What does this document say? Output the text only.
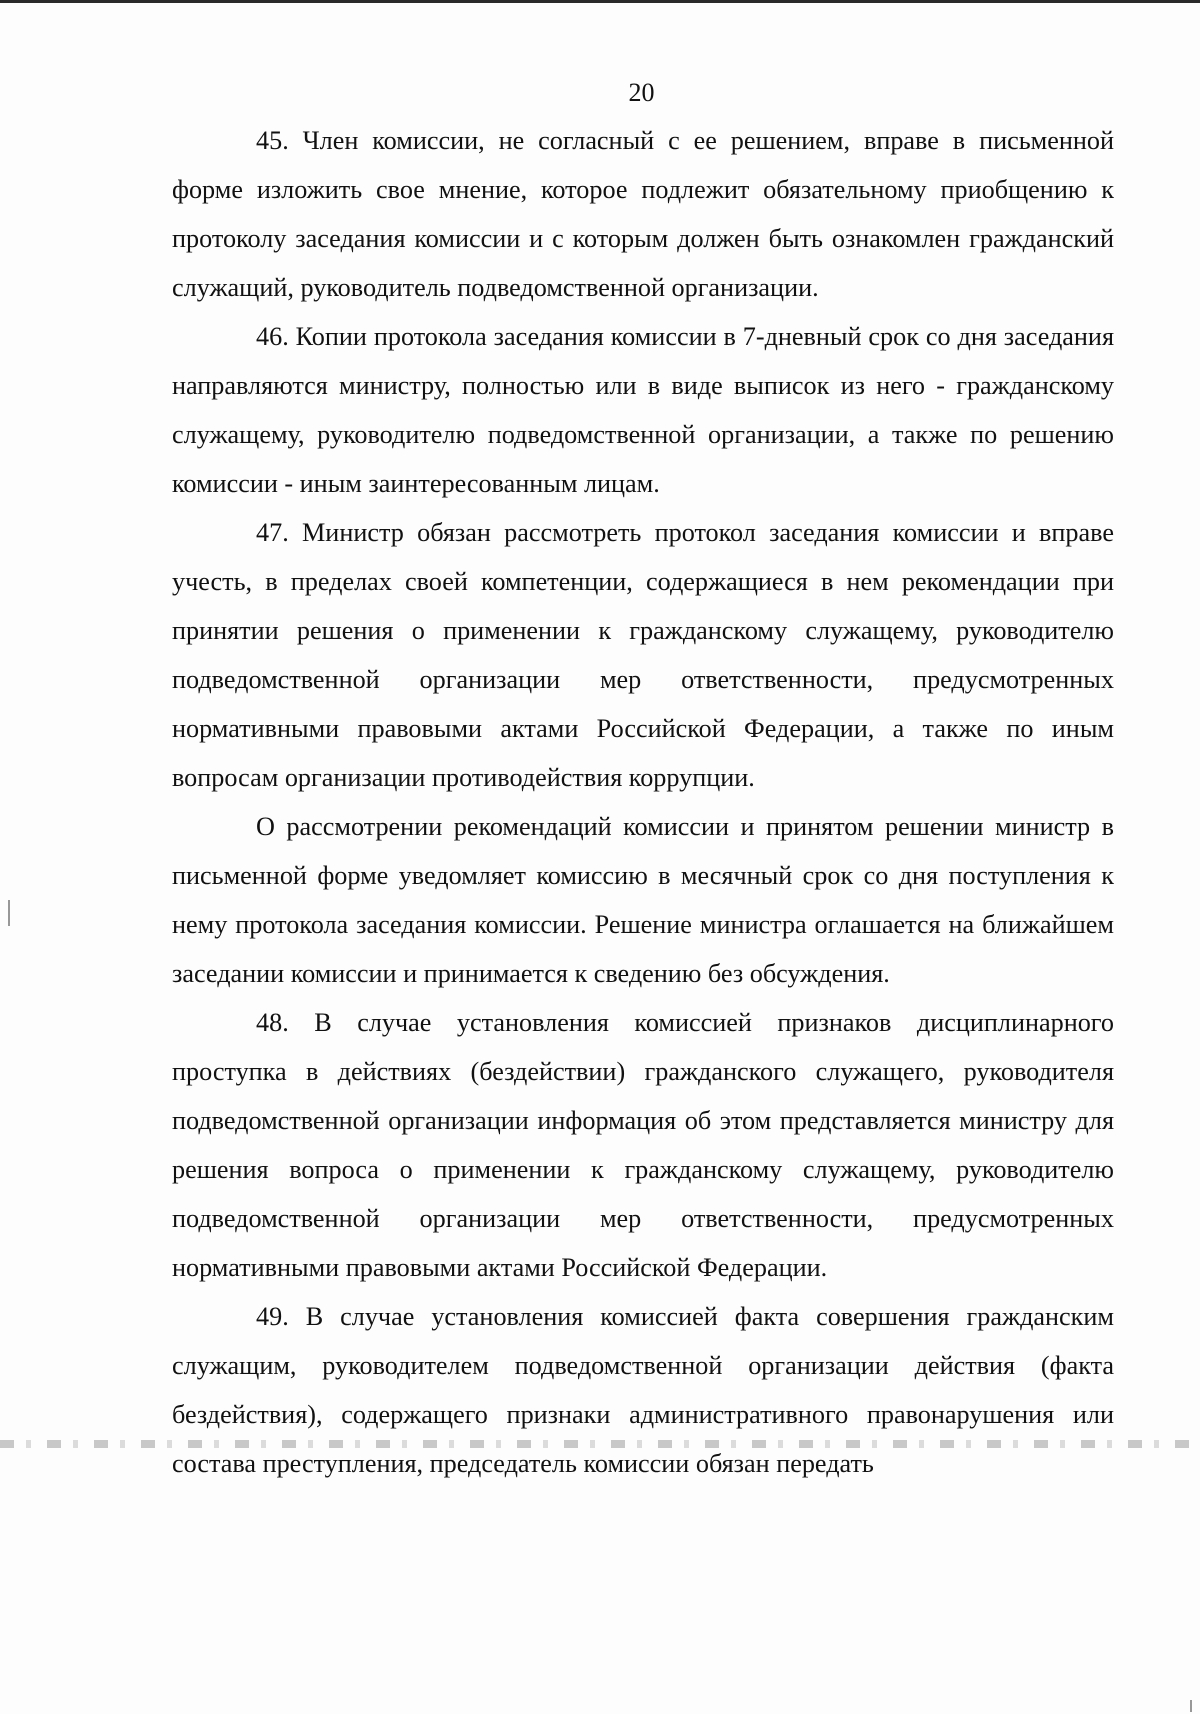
20

45. Член комиссии, не согласный с ее решением, вправе в письменной форме изложить свое мнение, которое подлежит обязательному приобщению к протоколу заседания комиссии и с которым должен быть ознакомлен гражданский служащий, руководитель подведомственной организации.

46. Копии протокола заседания комиссии в 7-дневный срок со дня заседания направляются министру, полностью или в виде выписок из него - гражданскому служащему, руководителю подведомственной организации, а также по решению комиссии - иным заинтересованным лицам.

47. Министр обязан рассмотреть протокол заседания комиссии и вправе учесть, в пределах своей компетенции, содержащиеся в нем рекомендации при принятии решения о применении к гражданскому служащему, руководителю подведомственной организации мер ответственности, предусмотренных нормативными правовыми актами Российской Федерации, а также по иным вопросам организации противодействия коррупции.

О рассмотрении рекомендаций комиссии и принятом решении министр в письменной форме уведомляет комиссию в месячный срок со дня поступления к нему протокола заседания комиссии. Решение министра оглашается на ближайшем заседании комиссии и принимается к сведению без обсуждения.

48. В случае установления комиссией признаков дисциплинарного проступка в действиях (бездействии) гражданского служащего, руководителя подведомственной организации информация об этом представляется министру для решения вопроса о применении к гражданскому служащему, руководителю подведомственной организации мер ответственности, предусмотренных нормативными правовыми актами Российской Федерации.

49. В случае установления комиссией факта совершения гражданским служащим, руководителем подведомственной организации действия (факта бездействия), содержащего признаки административного правонарушения или состава преступления, председатель комиссии обязан передать
